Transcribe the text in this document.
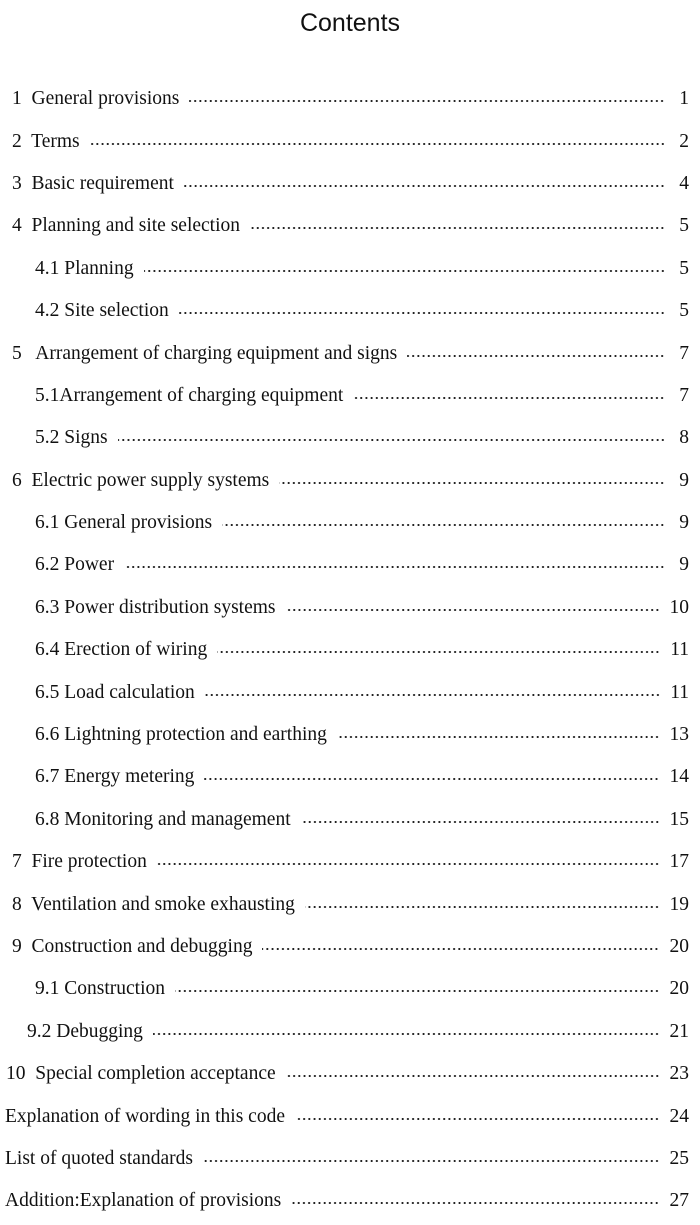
Contents
1  General provisions	1
2  Terms	2
3  Basic requirement	4
4  Planning and site selection	5
4.1 Planning	5
4.2 Site selection	5
5   Arrangement of charging equipment and signs	7
5.1Arrangement of charging equipment	7
5.2 Signs	8
6  Electric power supply systems	9
6.1 General provisions	9
6.2 Power	9
6.3 Power distribution systems	10
6.4 Erection of wiring	11
6.5 Load calculation	11
6.6 Lightning protection and earthing	13
6.7 Energy metering	14
6.8 Monitoring and management	15
7  Fire protection	17
8  Ventilation and smoke exhausting	19
9  Construction and debugging	20
9.1 Construction	20
9.2 Debugging	21
10  Special completion acceptance	23
Explanation of wording in this code	24
List of quoted standards	25
Addition:Explanation of provisions	27
